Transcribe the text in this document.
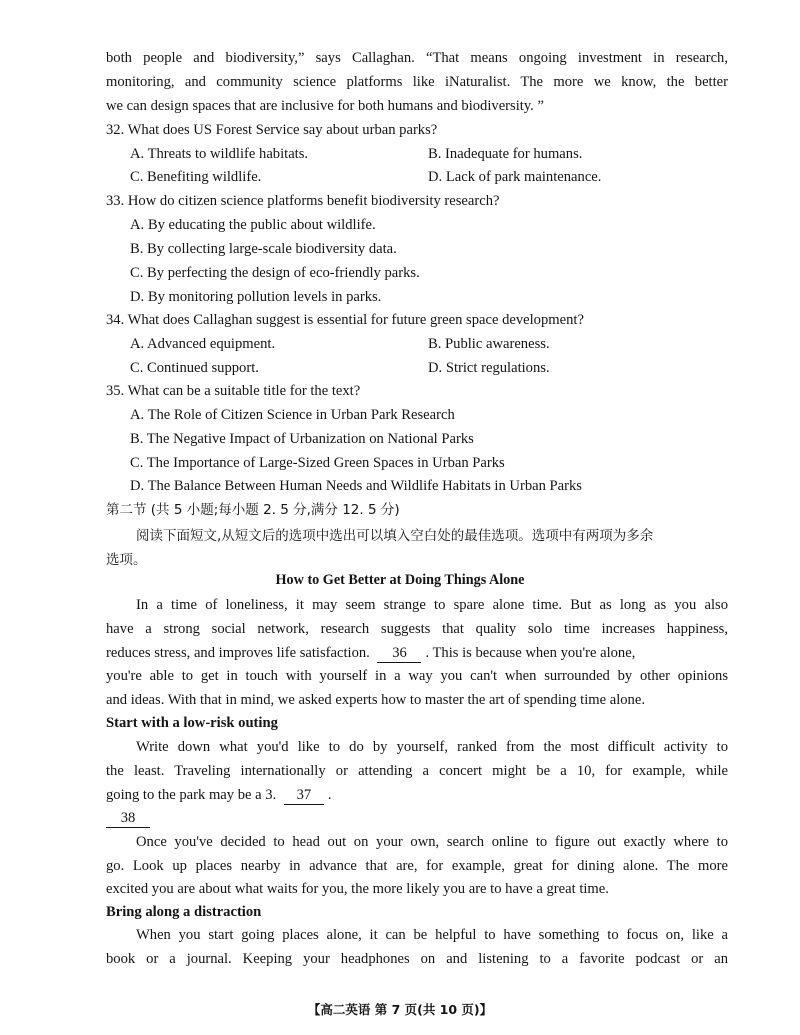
both people and biodiversity,” says Callaghan. “That means ongoing investment in research,
monitoring, and community science platforms like iNaturalist. The more we know, the better
we can design spaces that are inclusive for both humans and biodiversity. ”
32. What does US Forest Service say about urban parks?
A. Threats to wildlife habitats.	B. Inadequate for humans.
C. Benefiting wildlife.	D. Lack of park maintenance.
33. How do citizen science platforms benefit biodiversity research?
A. By educating the public about wildlife.
B. By collecting large-scale biodiversity data.
C. By perfecting the design of eco-friendly parks.
D. By monitoring pollution levels in parks.
34. What does Callaghan suggest is essential for future green space development?
A. Advanced equipment.	B. Public awareness.
C. Continued support.	D. Strict regulations.
35. What can be a suitable title for the text?
A. The Role of Citizen Science in Urban Park Research
B. The Negative Impact of Urbanization on National Parks
C. The Importance of Large-Sized Green Spaces in Urban Parks
D. The Balance Between Human Needs and Wildlife Habitats in Urban Parks
第二节 (共 5 小题;每小题 2. 5 分,满分 12. 5 分)
阅读下面短文,从短文后的选项中选出可以填入空白处的最佳选项。选项中有两项为多余
选项。
How to Get Better at Doing Things Alone
In a time of loneliness, it may seem strange to spare alone time. But as long as you also
have a strong social network, research suggests that quality solo time increases happiness,
reduces stress, and improves life satisfaction. 36 . This is because when you're alone,
you're able to get in touch with yourself in a way you can't when surrounded by other opinions
and ideas. With that in mind, we asked experts how to master the art of spending time alone.
Start with a low-risk outing
Write down what you'd like to do by yourself, ranked from the most difficult activity to
the least. Traveling internationally or attending a concert might be a 10, for example, while
going to the park may be a 3. 37 .
38
Once you've decided to head out on your own, search online to figure out exactly where to
go. Look up places nearby in advance that are, for example, great for dining alone. The more
excited you are about what waits for you, the more likely you are to have a great time.
Bring along a distraction
When you start going places alone, it can be helpful to have something to focus on, like a
book or a journal. Keeping your headphones on and listening to a favorite podcast or an
【高二英语 第 7 页(共 10 页)】
